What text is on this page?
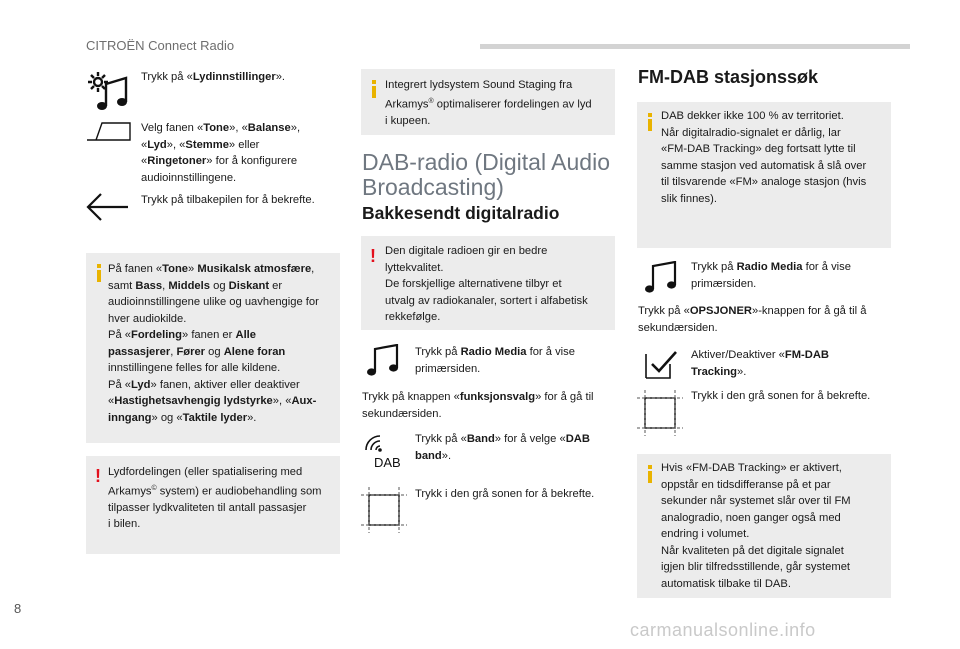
CITROËN Connect Radio
Trykk på «Lydinnstillinger».
Velg fanen «Tone», «Balanse»,
«Lyd», «Stemme» eller
«Ringetoner» for å konfigurere
audioinnstillingene.
Trykk på tilbakepilen for å bekrefte.
På fanen «Tone» Musikalsk atmosfære,
samt Bass, Middels og Diskant er
audioinnstillingene ulike og uavhengige for
hver audiokilde.
På «Fordeling» fanen er Alle
passasjerer, Fører og Alene foran
innstillingene felles for alle kildene.
På «Lyd» fanen, aktiver eller deaktiver
«Hastighetsavhengig lydstyrke», «Aux-
inngang» og «Taktile lyder».
! Lydfordelingen (eller spatialisering med
Arkamys© system) er audiobehandling som
tilpasser lydkvaliteten til antall passasjer
i bilen.
Integrert lydsystem Sound Staging fra
Arkamys® optimaliserer fordelingen av lyd
i kupeen.
DAB-radio (Digital Audio
Broadcasting)
Bakkesendt digitalradio
! Den digitale radioen gir en bedre
lyttekvalitet.
De forskjellige alternativene tilbyr et
utvalg av radiokanaler, sortert i alfabetisk
rekkefølge.
Trykk på Radio Media for å vise
primærsiden.
Trykk på knappen «funksjonsvalg» for å gå til
sekundærsiden.
DAB
Trykk på «Band» for å velge «DAB
band».
Trykk i den grå sonen for å bekrefte.
FM-DAB stasjonssøk
DAB dekker ikke 100 % av territoriet.
Når digitalradio-signalet er dårlig, lar
«FM-DAB Tracking» deg fortsatt lytte til
samme stasjon ved automatisk å slå over
til tilsvarende «FM» analoge stasjon (hvis
slik finnes).
Trykk på Radio Media for å vise
primærsiden.
Trykk på «OPSJONER»-knappen for å gå til å
sekundærsiden.
Aktiver/Deaktiver «FM-DAB
Tracking».
Trykk i den grå sonen for å bekrefte.
Hvis «FM-DAB Tracking» er aktivert,
oppstår en tidsdifferanse på et par
sekunder når systemet slår over til FM
analogradio, noen ganger også med
endring i volumet.
Når kvaliteten på det digitale signalet
igjen blir tilfredsstillende, går systemet
automatisk tilbake til DAB.
8
carmanualsonline.info
